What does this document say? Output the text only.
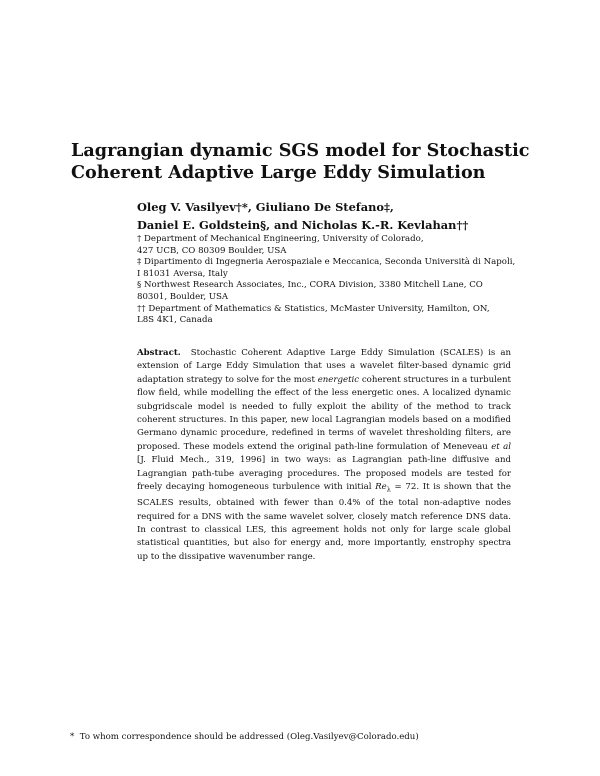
Lagrangian dynamic SGS model for Stochastic
Coherent Adaptive Large Eddy Simulation
Oleg V. Vasilyev†*, Giuliano De Stefano‡,
Daniel E. Goldstein§, and Nicholas K.-R. Kevlahan††
† Department of Mechanical Engineering, University of Colorado,
427 UCB, CO 80309 Boulder, USA
‡ Dipartimento di Ingegneria Aerospaziale e Meccanica, Seconda Università di Napoli,
I 81031 Aversa, Italy
§ Northwest Research Associates, Inc., CORA Division, 3380 Mitchell Lane, CO
80301, Boulder, USA
†† Department of Mathematics & Statistics, McMaster University, Hamilton, ON,
L8S 4K1, Canada
Abstract. Stochastic Coherent Adaptive Large Eddy Simulation (SCALES) is an extension of Large Eddy Simulation that uses a wavelet filter-based dynamic grid adaptation strategy to solve for the most energetic coherent structures in a turbulent flow field, while modelling the effect of the less energetic ones. A localized dynamic subgridscale model is needed to fully exploit the ability of the method to track coherent structures. In this paper, new local Lagrangian models based on a modified Germano dynamic procedure, redefined in terms of wavelet thresholding filters, are proposed. These models extend the original path-line formulation of Meneveau et al [J. Fluid Mech., 319, 1996] in two ways: as Lagrangian path-line diffusive and Lagrangian path-tube averaging procedures. The proposed models are tested for freely decaying homogeneous turbulence with initial $Re_\lambda = 72$. It is shown that the SCALES results, obtained with fewer than 0.4% of the total non-adaptive nodes required for a DNS with the same wavelet solver, closely match reference DNS data. In contrast to classical LES, this agreement holds not only for large scale global statistical quantities, but also for energy and, more importantly, enstrophy spectra up to the dissipative wavenumber range.
* To whom correspondence should be addressed (Oleg.Vasilyev@Colorado.edu)
